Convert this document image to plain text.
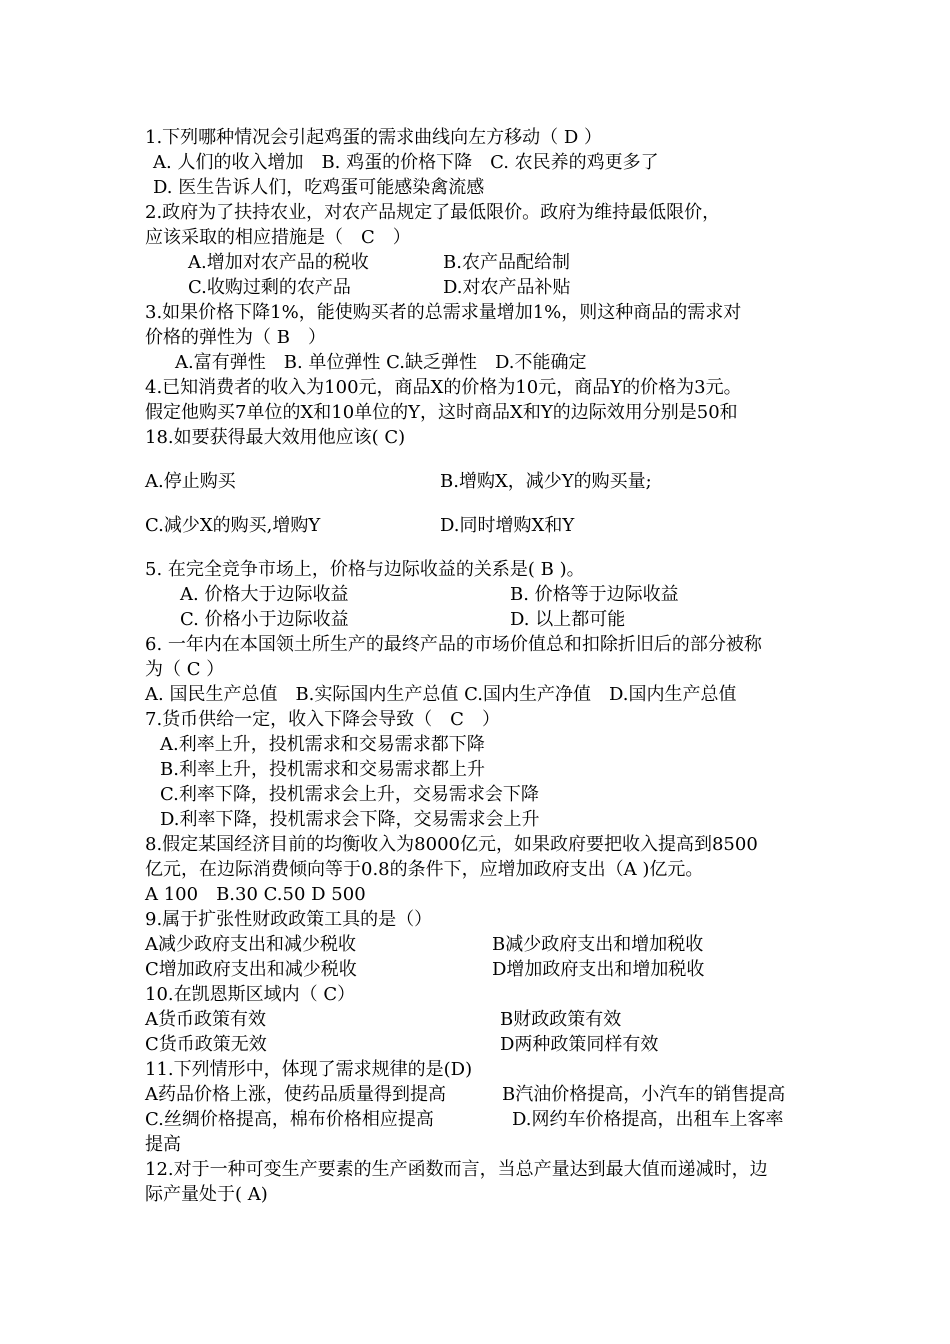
1.下列哪种情况会引起鸡蛋的需求曲线向左方移动（ D ）
A. 人们的收入增加　B. 鸡蛋的价格下降　C. 农民养的鸡更多了
D. 医生告诉人们，吃鸡蛋可能感染禽流感
2.政府为了扶持农业，对农产品规定了最低限价。政府为维持最低限价，
应该采取的相应措施是（　C　）
A.增加对农产品的税收	B.农产品配给制
C.收购过剩的农产品	D.对农产品补贴
3.如果价格下降1%，能使购买者的总需求量增加1%，则这种商品的需求对
价格的弹性为（ B　）
A.富有弹性　B. 单位弹性 C.缺乏弹性　D.不能确定
4.已知消费者的收入为100元，商品X的价格为10元，商品Y的价格为3元。
假定他购买7单位的X和10单位的Y，这时商品X和Y的边际效用分别是50和
18.如要获得最大效用他应该( C)
A.停止购买	B.增购X，减少Y的购买量;
C.减少X的购买,增购Y	D.同时增购X和Y
5. 在完全竞争市场上，价格与边际收益的关系是( B )。
A. 价格大于边际收益	B. 价格等于边际收益
C. 价格小于边际收益	D. 以上都可能
6. 一年内在本国领土所生产的最终产品的市场价值总和扣除折旧后的部分被称
为（ C ）
A. 国民生产总值　B.实际国内生产总值 C.国内生产净值　D.国内生产总值
7.货币供给一定，收入下降会导致（　C　）
A.利率上升，投机需求和交易需求都下降
B.利率上升，投机需求和交易需求都上升
C.利率下降，投机需求会上升，交易需求会下降
D.利率下降，投机需求会下降，交易需求会上升
8.假定某国经济目前的均衡收入为8000亿元，如果政府要把收入提高到8500
亿元，在边际消费倾向等于0.8的条件下，应增加政府支出（A )亿元。
A 100　B.30 C.50 D 500
9.属于扩张性财政政策工具的是（）
A减少政府支出和减少税收	B减少政府支出和增加税收
C增加政府支出和减少税收	D增加政府支出和增加税收
10.在凯恩斯区域内（ C）
A货币政策有效	B财政政策有效
C货币政策无效	D两种政策同样有效
11.下列情形中，体现了需求规律的是(D)
A药品价格上涨，使药品质量得到提高	B汽油价格提高，小汽车的销售提高
C.丝绸价格提高，棉布价格相应提高	D.网约车价格提高，出租车上客率
提高
12.对于一种可变生产要素的生产函数而言，当总产量达到最大值而递减时，边
际产量处于( A)
